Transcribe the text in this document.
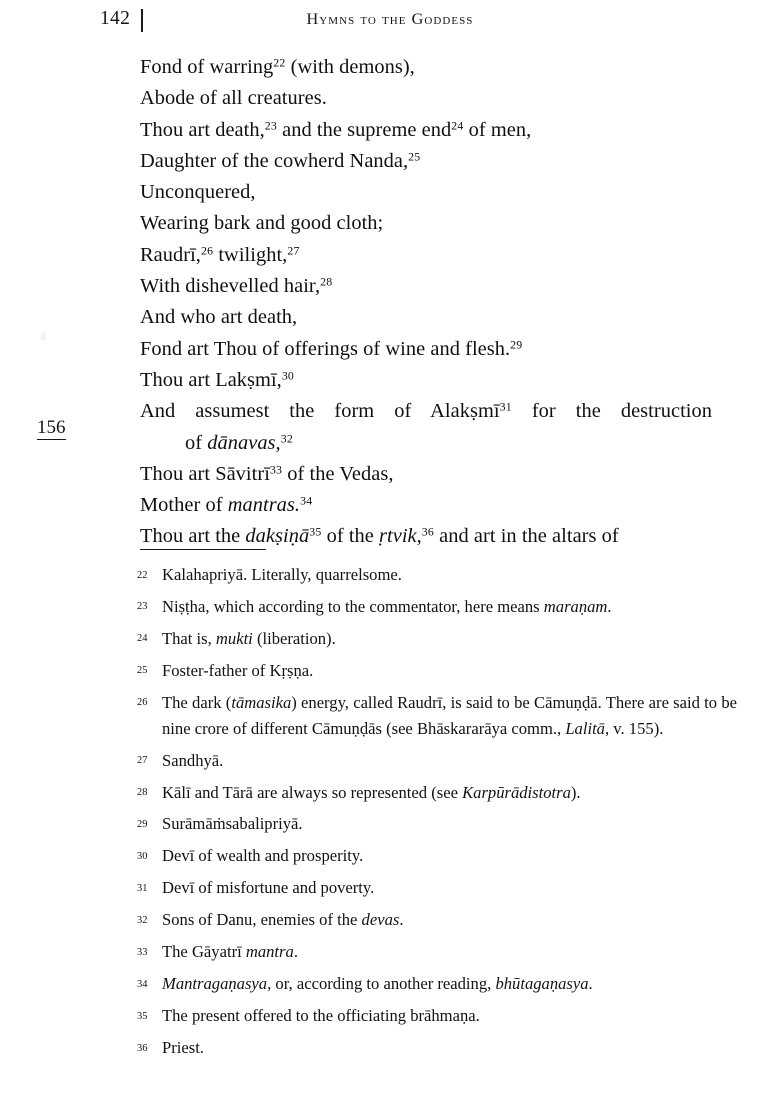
142	Hymns to the Goddess
156
Fond of warring$^{22}$ (with demons),
Abode of all creatures.
Thou art death,$^{23}$ and the supreme end$^{24}$ of men,
Daughter of the cowherd Nanda,$^{25}$
Unconquered,
Wearing bark and good cloth;
Raudrī,$^{26}$ twilight,$^{27}$
With dishevelled hair,$^{28}$
And who art death,
Fond art Thou of offerings of wine and flesh.$^{29}$
Thou art Lakṣmī,$^{30}$
And assumest the form of Alakṣmī$^{31}$ for the destruction
of dānavas,$^{32}$
Thou art Sāvitrī$^{33}$ of the Vedas,
Mother of mantras.$^{34}$
Thou art the dakṣiṇā$^{35}$ of the ṛtvik,$^{36}$ and art in the altars of
22 Kalahapriyā. Literally, quarrelsome.
23 Niṣṭha, which according to the commentator, here means maraṇam.
24 That is, mukti (liberation).
25 Foster-father of Kṛṣṇa.
26 The dark (tāmasika) energy, called Raudrī, is said to be Cāmuṇḍā. There are said to be nine crore of different Cāmuṇḍās (see Bhāskararāya comm., Lalitā, v. 155).
27 Sandhyā.
28 Kālī and Tārā are always so represented (see Karpūrādistotra).
29 Surāmāṁsabalipriyā.
30 Devī of wealth and prosperity.
31 Devī of misfortune and poverty.
32 Sons of Danu, enemies of the devas.
33 The Gāyatrī mantra.
34 Mantragaṇasya, or, according to another reading, bhūtagaṇasya.
35 The present offered to the officiating brāhmaṇa.
36 Priest.
